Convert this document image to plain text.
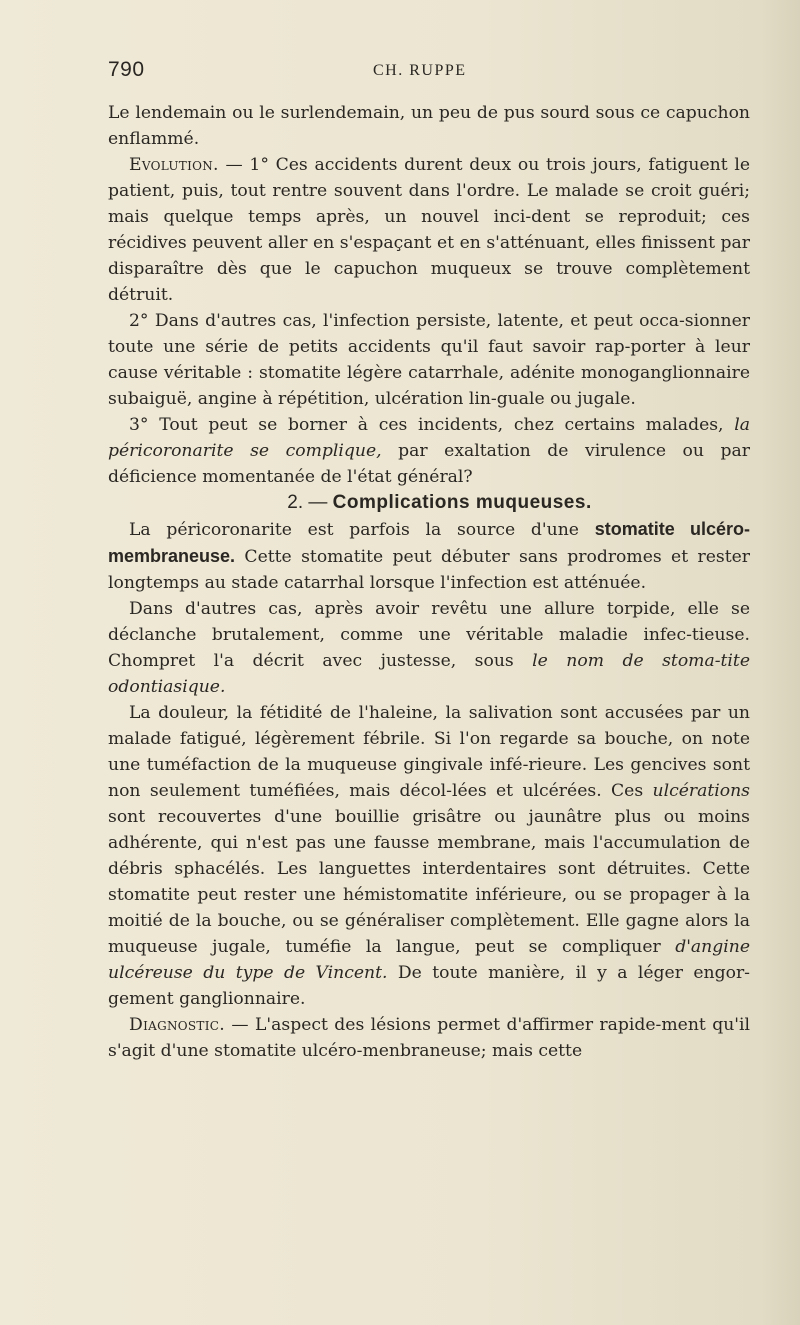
790	CH. RUPPE

Le lendemain ou le surlendemain, un peu de pus sourd sous ce capuchon enflammé.

Evolution. — 1° Ces accidents durent deux ou trois jours, fatiguent le patient, puis, tout rentre souvent dans l'ordre. Le malade se croit guéri; mais quelque temps après, un nouvel inci-dent se reproduit; ces récidives peuvent aller en s'espaçant et en s'atténuant, elles finissent par disparaître dès que le capuchon muqueux se trouve complètement détruit.

2° Dans d'autres cas, l'infection persiste, latente, et peut occa-sionner toute une série de petits accidents qu'il faut savoir rap-porter à leur cause véritable : stomatite légère catarrhale, adénite monoganglionnaire subaiguë, angine à répétition, ulcération lin-guale ou jugale.

3° Tout peut se borner à ces incidents, chez certains malades, la péricoronarite se complique, par exaltation de virulence ou par déficience momentanée de l'état général?

2. — Complications muqueuses.

La péricoronarite est parfois la source d'une stomatite ulcéro-membraneuse. Cette stomatite peut débuter sans prodromes et rester longtemps au stade catarrhal lorsque l'infection est atténuée.

Dans d'autres cas, après avoir revêtu une allure torpide, elle se déclanche brutalement, comme une véritable maladie infec-tieuse. Chompret l'a décrit avec justesse, sous le nom de stoma-tite odontiasique.

La douleur, la fétidité de l'haleine, la salivation sont accusées par un malade fatigué, légèrement fébrile. Si l'on regarde sa bouche, on note une tuméfaction de la muqueuse gingivale infé-rieure. Les gencives sont non seulement tuméfiées, mais décol-lées et ulcérées. Ces ulcérations sont recouvertes d'une bouillie grisâtre ou jaunâtre plus ou moins adhérente, qui n'est pas une fausse membrane, mais l'accumulation de débris sphacélés. Les languettes interdentaires sont détruites. Cette stomatite peut rester une hémistomatite inférieure, ou se propager à la moitié de la bouche, ou se généraliser complètement. Elle gagne alors la muqueuse jugale, tuméfie la langue, peut se compliquer d'angine ulcéreuse du type de Vincent. De toute manière, il y a léger engor-gement ganglionnaire.

Diagnostic. — L'aspect des lésions permet d'affirmer rapide-ment qu'il s'agit d'une stomatite ulcéro-menbraneuse; mais cette
